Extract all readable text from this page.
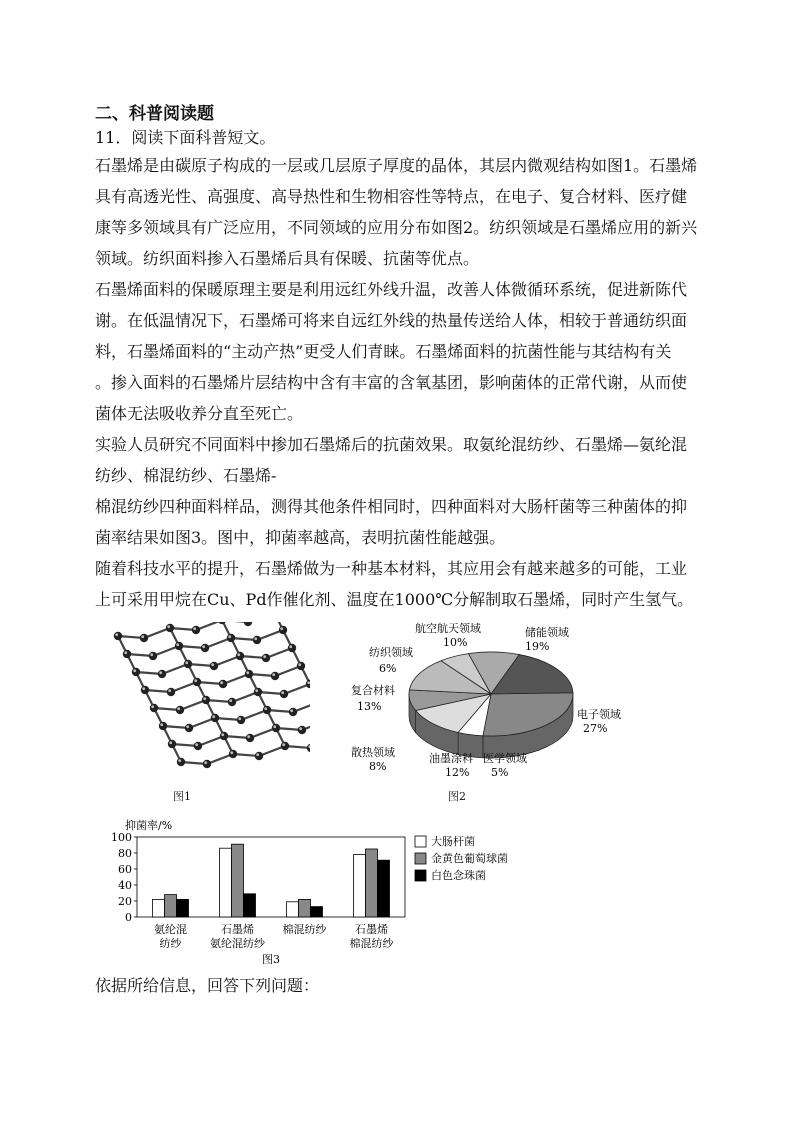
二、科普阅读题
11．阅读下面科普短文。
石墨烯是由碳原子构成的一层或几层原子厚度的晶体，其层内微观结构如图1。石墨烯
具有高透光性、高强度、高导热性和生物相容性等特点，在电子、复合材料、医疗健
康等多领域具有广泛应用，不同领域的应用分布如图2。纺织领域是石墨烯应用的新兴
领域。纺织面料掺入石墨烯后具有保暖、抗菌等优点。
石墨烯面料的保暖原理主要是利用远红外线升温，改善人体微循环系统，促进新陈代
谢。在低温情况下，石墨烯可将来自远红外线的热量传送给人体，相较于普通纺织面
料，石墨烯面料的“主动产热”更受人们青睐。石墨烯面料的抗菌性能与其结构有关
。掺入面料的石墨烯片层结构中含有丰富的含氧基团，影响菌体的正常代谢，从而使
菌体无法吸收养分直至死亡。
实验人员研究不同面料中掺加石墨烯后的抗菌效果。取氨纶混纺纱、石墨烯—氨纶混
纺纱、棉混纺纱、石墨烯-
棉混纺纱四种面料样品，测得其他条件相同时，四种面料对大肠杆菌等三种菌体的抑
菌率结果如图3。图中，抑菌率越高，表明抗菌性能越强。
随着科技水平的提升，石墨烯做为一种基本材料，其应用会有越来越多的可能，工业
上可采用甲烷在Cu、Pd作催化剂、温度在1000℃分解制取石墨烯，同时产生氢气。
图1
储能领域
19%
电子领域
27%
医学领域
5%
油墨涂料
12%
散热领域
8%
复合材料
13%
纺织领域
6%
航空航天领域
10%
图2
抑菌率/%
0
20
40
60
80
100
氨纶混
纺纱
石墨烯
氨纶混纺纱
棉混纺纱	石墨烯
棉混纺纱
图3
大肠杆菌
金黄色葡萄球菌
白色念珠菌
依据所给信息，回答下列问题：
